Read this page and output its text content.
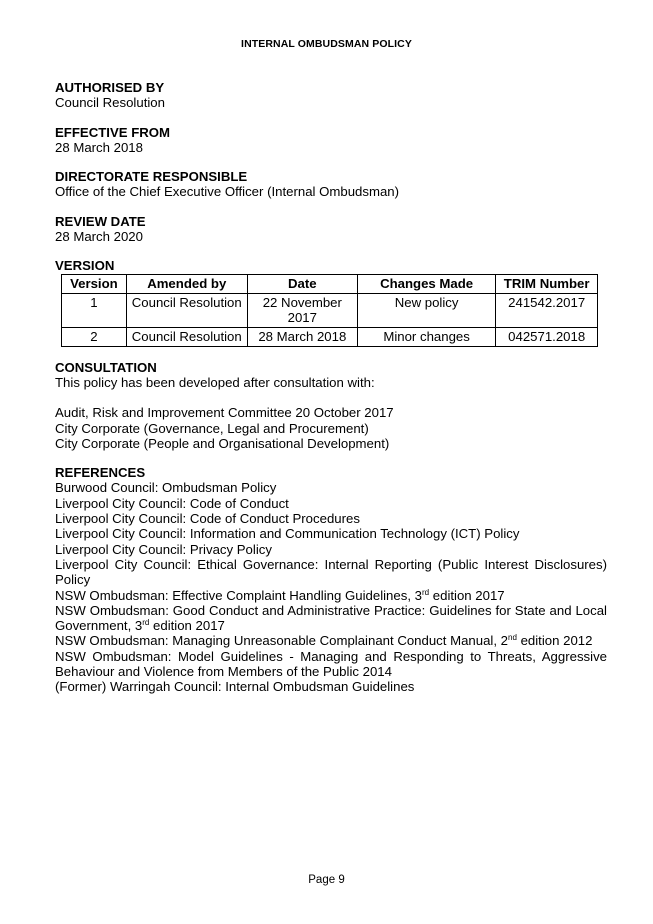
INTERNAL OMBUDSMAN POLICY
AUTHORISED BY
Council Resolution
EFFECTIVE FROM
28 March 2018
DIRECTORATE RESPONSIBLE
Office of the Chief Executive Officer (Internal Ombudsman)
REVIEW DATE
28 March 2020
VERSION
Version	Amended by	Date	Changes Made	TRIM Number
1	Council Resolution	22 November 2017	New policy	241542.2017
2	Council Resolution	28 March 2018	Minor changes	042571.2018
CONSULTATION
This policy has been developed after consultation with:
Audit, Risk and Improvement Committee 20 October 2017
City Corporate (Governance, Legal and Procurement)
City Corporate (People and Organisational Development)
REFERENCES
Burwood Council: Ombudsman Policy
Liverpool City Council: Code of Conduct
Liverpool City Council: Code of Conduct Procedures
Liverpool City Council: Information and Communication Technology (ICT) Policy
Liverpool City Council: Privacy Policy
Liverpool City Council: Ethical Governance: Internal Reporting (Public Interest Disclosures) Policy
NSW Ombudsman: Effective Complaint Handling Guidelines, 3rd edition 2017
NSW Ombudsman: Good Conduct and Administrative Practice: Guidelines for State and Local Government, 3rd edition 2017
NSW Ombudsman: Managing Unreasonable Complainant Conduct Manual, 2nd edition 2012
NSW Ombudsman: Model Guidelines - Managing and Responding to Threats, Aggressive Behaviour and Violence from Members of the Public 2014
(Former) Warringah Council: Internal Ombudsman Guidelines
Page 9
